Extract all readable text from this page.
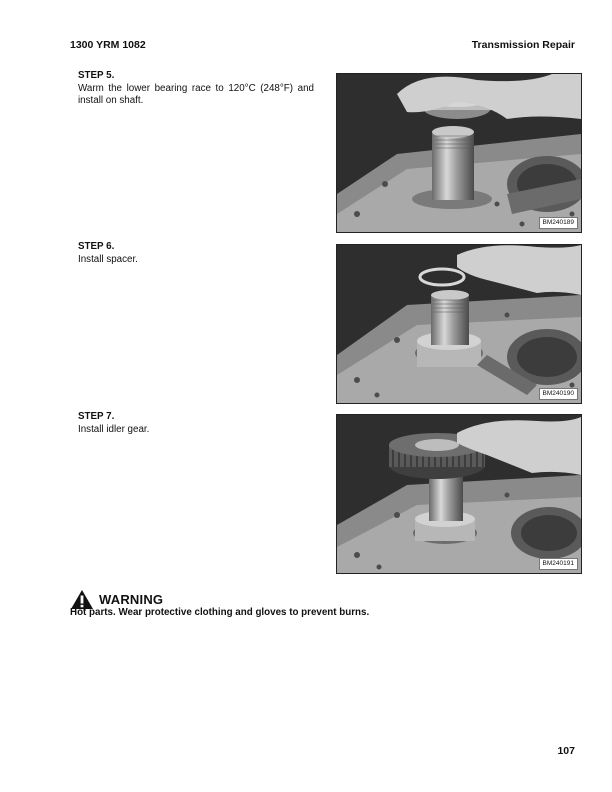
1300 YRM 1082	Transmission Repair
STEP 5.
Warm the lower bearing race to 120°C (248°F) and install on shaft.
BM240189
STEP 6.
Install spacer.
BM240190
STEP 7.
Install idler gear.
BM240191
WARNING
Hot parts. Wear protective clothing and gloves to prevent burns.
107
